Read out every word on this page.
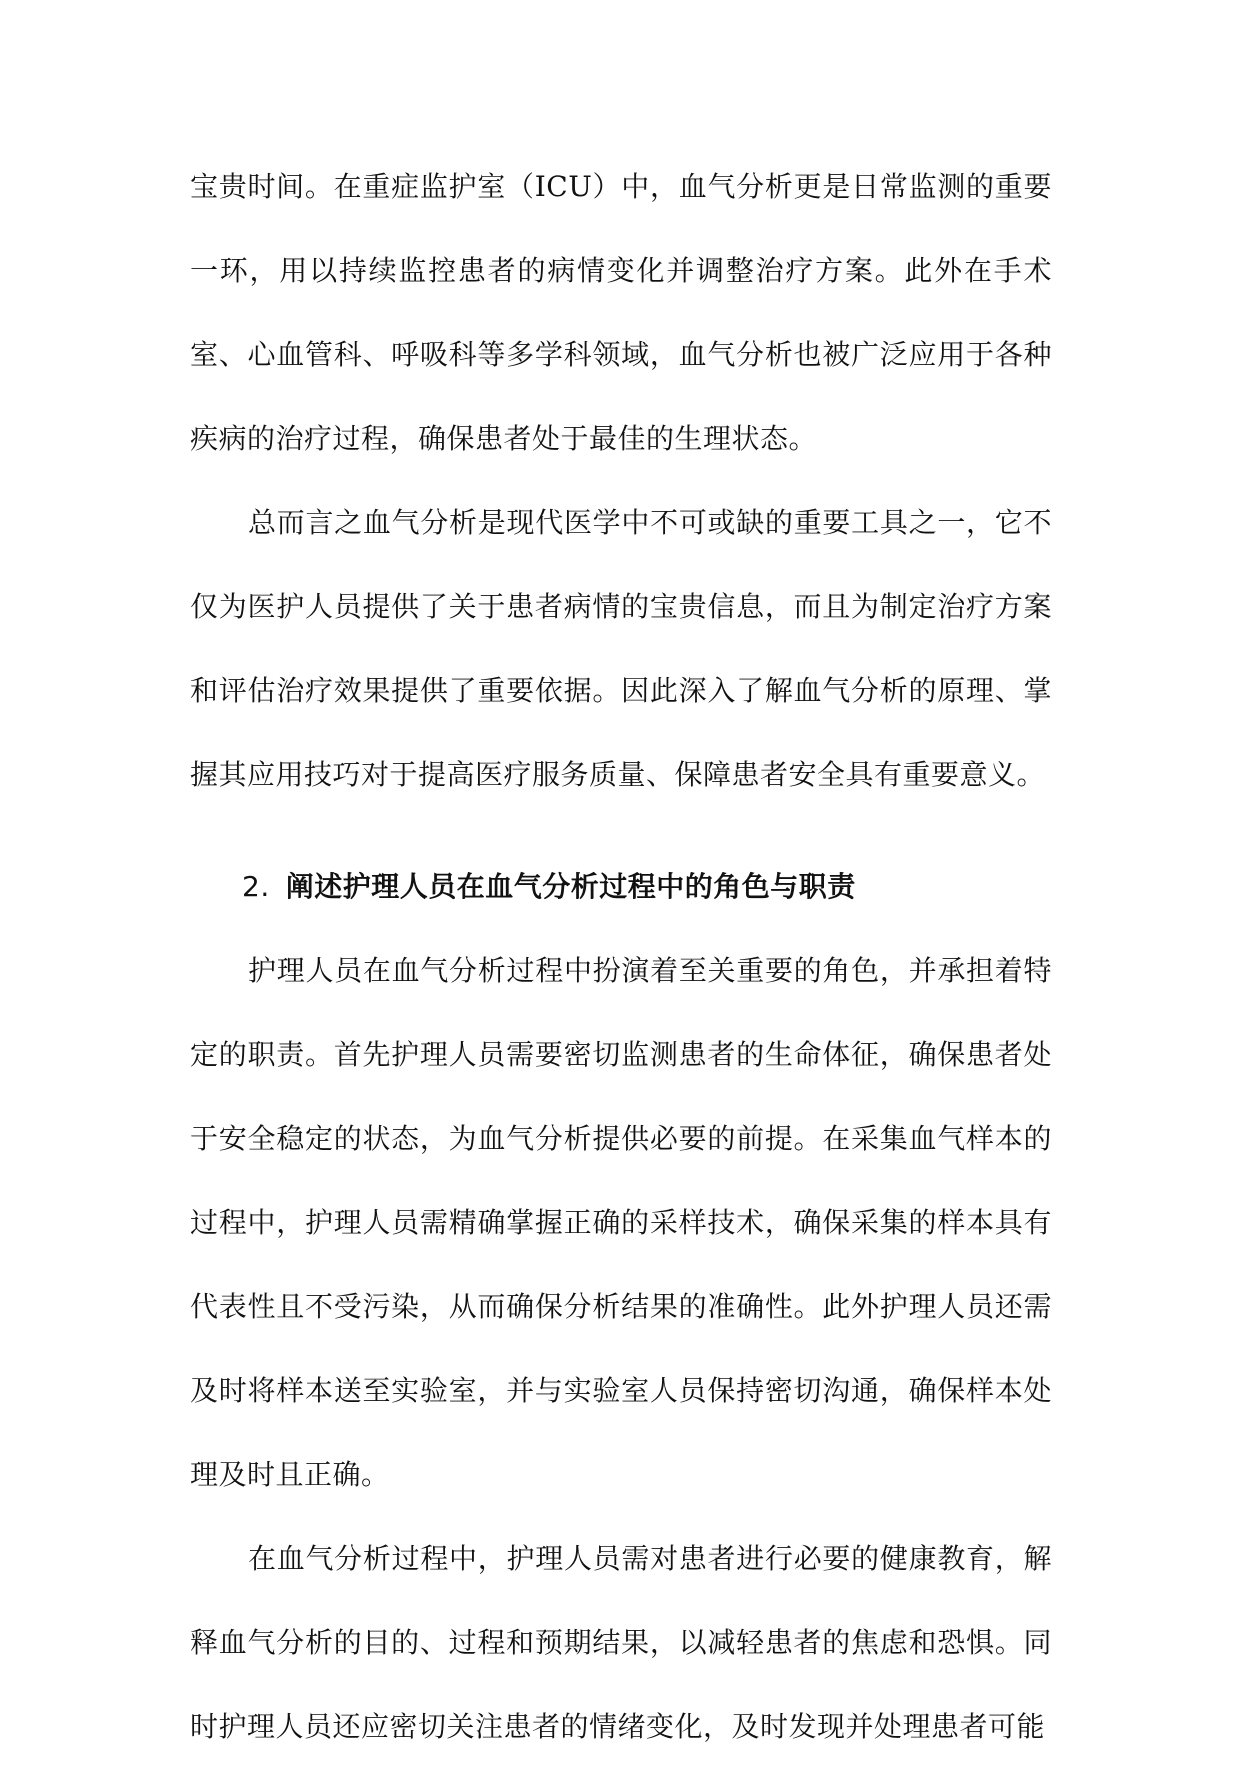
宝贵时间。在重症监护室（ICU）中，血气分析更是日常监测的重要一环，用以持续监控患者的病情变化并调整治疗方案。此外在手术室、心血管科、呼吸科等多学科领域，血气分析也被广泛应用于各种疾病的治疗过程，确保患者处于最佳的生理状态。

总而言之血气分析是现代医学中不可或缺的重要工具之一，它不仅为医护人员提供了关于患者病情的宝贵信息，而且为制定治疗方案和评估治疗效果提供了重要依据。因此深入了解血气分析的原理、掌握其应用技巧对于提高医疗服务质量、保障患者安全具有重要意义。

2. 阐述护理人员在血气分析过程中的角色与职责

护理人员在血气分析过程中扮演着至关重要的角色，并承担着特定的职责。首先护理人员需要密切监测患者的生命体征，确保患者处于安全稳定的状态，为血气分析提供必要的前提。在采集血气样本的过程中，护理人员需精确掌握正确的采样技术，确保采集的样本具有代表性且不受污染，从而确保分析结果的准确性。此外护理人员还需及时将样本送至实验室，并与实验室人员保持密切沟通，确保样本处理及时且正确。

在血气分析过程中，护理人员需对患者进行必要的健康教育，解释血气分析的目的、过程和预期结果，以减轻患者的焦虑和恐惧。同时护理人员还应密切关注患者的情绪变化，及时发现并处理患者可能
